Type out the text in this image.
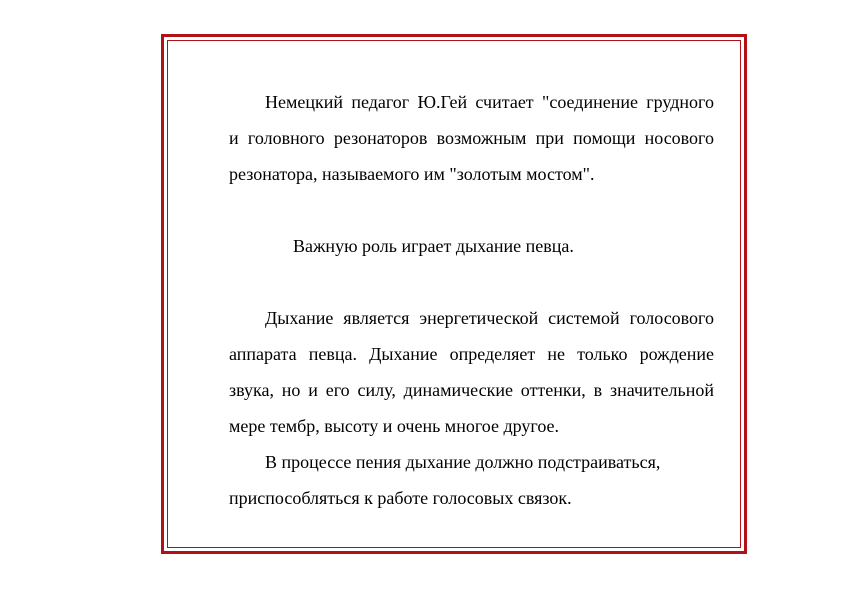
Немецкий педагог Ю.Гей считает "соединение грудного
и головного резонаторов возможным при помощи носового
резонатора, называемого им "золотым мостом".
Важную роль играет дыхание певца.
Дыхание является энергетической системой голосового
аппарата певца. Дыхание определяет не только рождение
звука, но и его силу, динамические оттенки, в значительной
мере тембр, высоту и очень многое другое.
В процессе пения дыхание должно подстраиваться,
приспособляться к работе голосовых связок.
